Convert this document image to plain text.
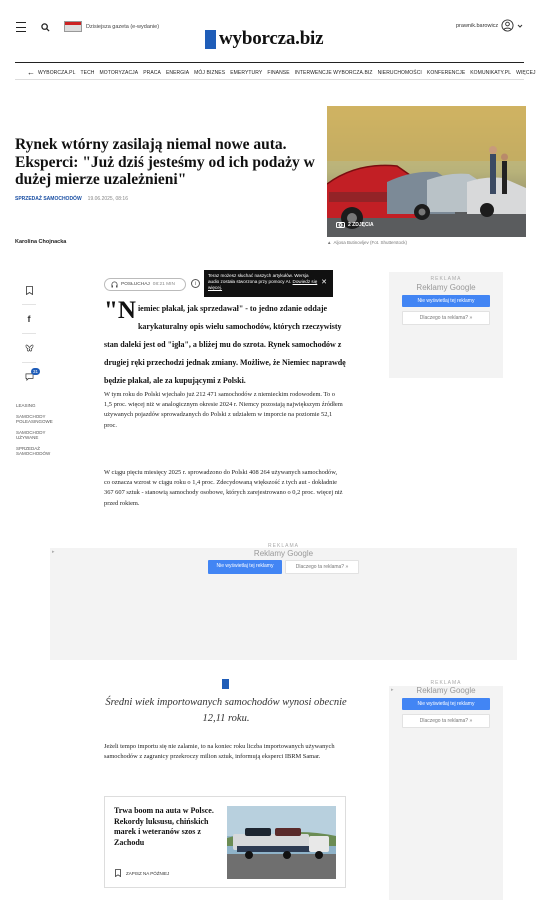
Dzisiejsza gazeta (e-wydanie)
wyborcza.biz
prawnik.barowicz
← WYBORCZA.PL TECH MOTORYZACJA PRACA ENERGIA MÓJ BIZNES EMERYTURY FINANSE INTERWENCJE WYBORCZA.BIZ NIERUCHOMOŚCI KONFERENCJE KOMUNIKATY.PL WIĘCEJ
Rynek wtórny zasilają niemal nowe auta. Eksperci: "Już dziś jesteśmy od ich podaży w dużej mierze uzależnieni"
SPRZEDAŻ SAMOCHODÓW 19.06.2025, 08:16
Karolina Chojnacka
2 ZDJĘCIA
▲ Aljosa Butinovljev (Fot. Shutterstock)
f
31
LEASING
SAMOCHODY POLEASINGOWE
SAMOCHODY UŻYWANE
SPRZEDAŻ SAMOCHODÓW
POSŁUCHAJ 08:21 MIN	i
Teraz możesz słuchać naszych artykułów. Wersja audio została stworzona przy pomocy AI. Dowiedz się więcej.
✕
"N iemiec płakał, jak sprzedawał" - to jedno zdanie oddaje karykaturalny opis wielu samochodów, których rzeczywisty stan daleki jest od "igła", a bliżej mu do szrota. Rynek samochodów z drugiej ręki przechodzi jednak zmiany. Możliwe, że Niemiec naprawdę będzie płakał, ale za kupującymi z Polski.

W tym roku do Polski wjechało już 212 471 samochodów z niemieckim rodowodem. To o 1,5 proc. więcej niż w analogicznym okresie 2024 r. Niemcy pozostają największym źródłem używanych pojazdów sprowadzanych do Polski z udziałem w imporcie na poziomie 52,1 proc.

W ciągu pięciu miesięcy 2025 r. sprowadzono do Polski 408 264 używanych samochodów, co oznacza wzrost w ciągu roku o 1,4 proc. Zdecydowaną większość z tych aut - dokładnie 367 607 sztuk - stanowią samochody osobowe, których zarejestrowano o 0,2 proc. więcej niż przed rokiem.

REKLAMA
Reklamy Google
Nie wyświetlaj tej reklamy
Dlaczego ta reklama? »
▸
REKLAMA
Reklamy Google
Nie wyświetlaj tej reklamy	Dlaczego ta reklama? »
Średni wiek importowanych samochodów wynosi obecnie 12,11 roku.

Jeżeli tempo importu się nie zalamie, to na koniec roku liczba importowanych używanych samochodów z zagranicy przekroczy milion sztuk, informują eksperci IBRM Samar.

Trwa boom na auta w Polsce. Rekordy luksusu, chińskich marek i weteranów szos z Zachodu
ZAPISZ NA PÓŹNIEJ
▸
REKLAMA
Reklamy Google
Nie wyświetlaj tej reklamy
Dlaczego ta reklama? »
